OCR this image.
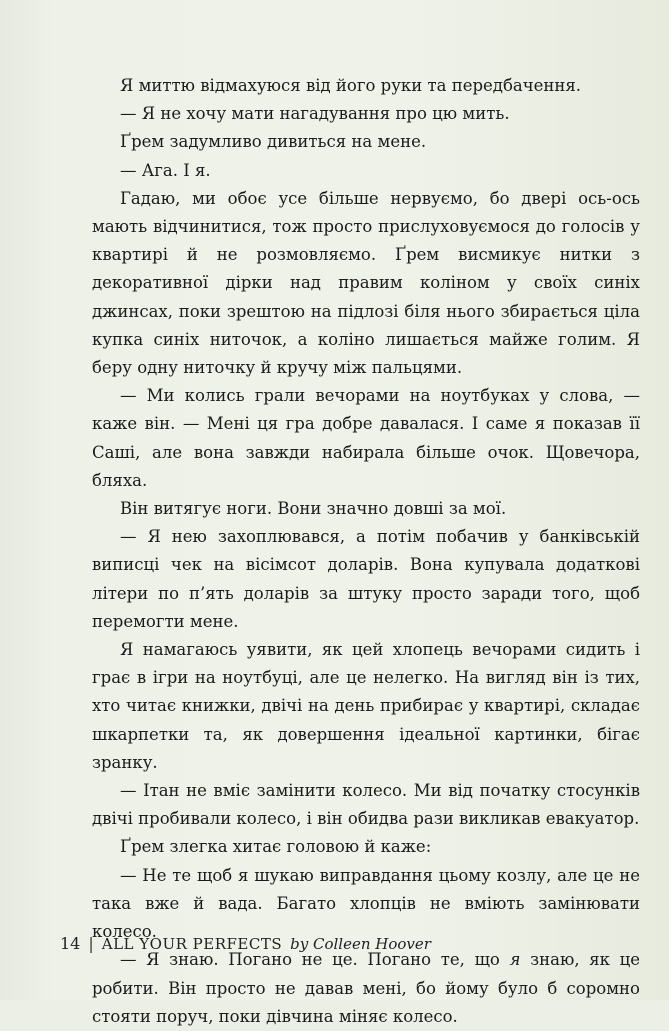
Я миттю відмахуюся від його руки та передбачення.

— Я не хочу мати нагадування про цю мить.

Ґрем задумливо дивиться на мене.

— Ага. І я.

Гадаю, ми обоє усе більше нервуємо, бо двері ось-ось мають відчинитися, тож просто прислуховуємося до голосів у квартирі й не розмовляємо. Ґрем висмикує нитки з декоративної дірки над правим коліном у своїх синіх джинсах, поки зрештою на підлозі біля нього збирається ціла купка синіх ниточок, а коліно лишається майже голим. Я беру одну ниточку й кручу між пальцями.

— Ми колись грали вечорами на ноутбуках у слова, — каже він. — Мені ця гра добре давалася. І саме я показав її Саші, але вона завжди набирала більше очок. Щовечора, бляха.

Він витягує ноги. Вони значно довші за мої.

— Я нею захоплювався, а потім побачив у банківській виписці чек на вісімсот доларів. Вона купувала додаткові літери по п’ять доларів за штуку просто заради того, щоб перемогти мене.

Я намагаюсь уявити, як цей хлопець вечорами сидить і грає в ігри на ноутбуці, але це нелегко. На вигляд він із тих, хто читає книжки, двічі на день прибирає у квартирі, складає шкарпетки та, як довершення ідеальної картинки, бігає зранку.

— Ітан не вміє замінити колесо. Ми від початку стосунків двічі пробивали колесо, і він обидва рази викликав евакуатор.

Ґрем злегка хитає головою й каже:

— Не те щоб я шукаю виправдання цьому козлу, але це не така вже й вада. Багато хлопців не вміють замінювати колесо.

— Я знаю. Погано не це. Погано те, що я знаю, як це робити. Він просто не давав мені, бо йому було б соромно стояти поруч, поки дівчина міняє колесо.

14 | ALL YOUR PERFECTS by Colleen Hoover
